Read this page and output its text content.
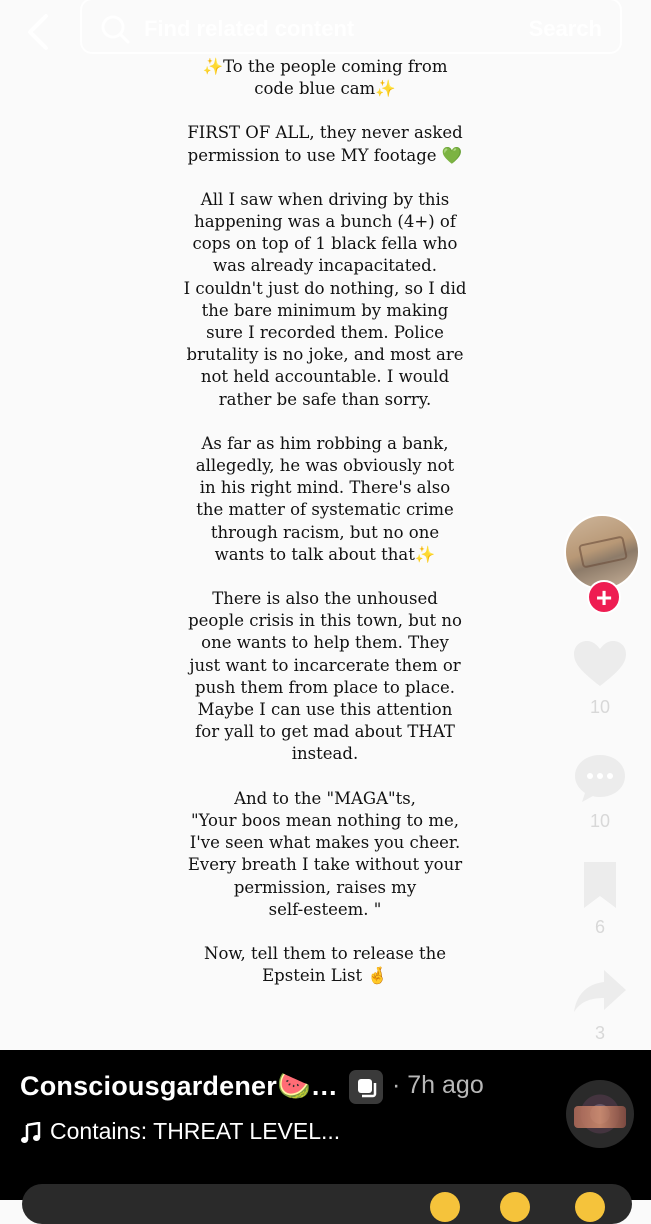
✨To the people coming from
code blue cam✨

FIRST OF ALL, they never asked
permission to use MY footage 💚

All I saw when driving by this
happening was a bunch (4+) of
cops on top of 1 black fella who
was already incapacitated.
I couldn't just do nothing, so I did
the bare minimum by making
sure I recorded them. Police
brutality is no joke, and most are
not held accountable. I would
rather be safe than sorry.

As far as him robbing a bank,
allegedly, he was obviously not
in his right mind. There's also
the matter of systematic crime
through racism, but no one
wants to talk about that✨

There is also the unhoused
people crisis in this town, but no
one wants to help them. They
just want to incarcerate them or
push them from place to place.
Maybe I can use this attention
for yall to get mad about THAT
instead.

And to the "MAGA"ts,
"Your boos mean nothing to me,
I've seen what makes you cheer.
Every breath I take without your
permission, raises my
self-esteem. "

Now, tell them to release the
Epstein List 🤞

Find related content	Search
+
10
10
6
3
Consciousgardener🍉… · 7h ago
Contains: THREAT LEVEL...
